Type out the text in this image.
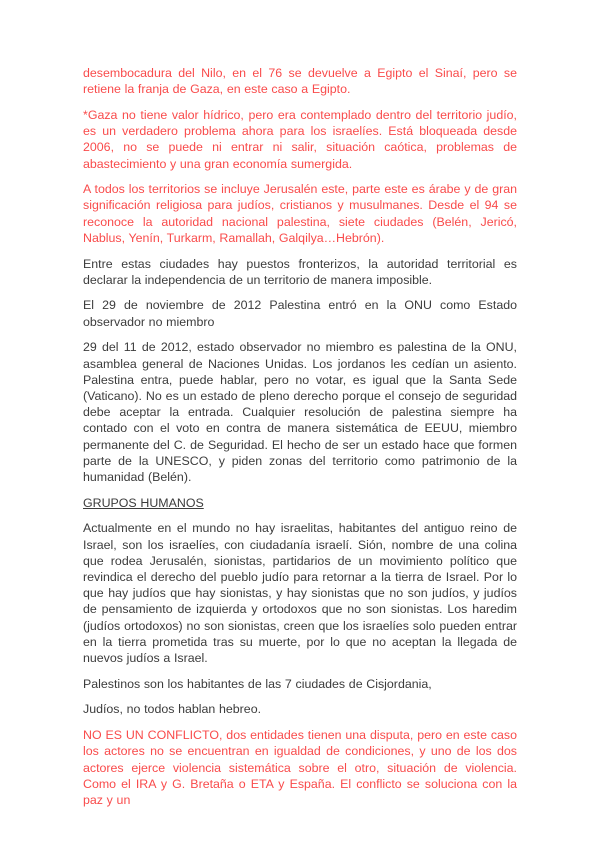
desembocadura del Nilo, en el 76 se devuelve a Egipto el Sinaí, pero se retiene la franja de Gaza, en este caso a Egipto.

*Gaza no tiene valor hídrico, pero era contemplado dentro del territorio judío, es un verdadero problema ahora para los israelíes. Está bloqueada desde 2006, no se puede ni entrar ni salir, situación caótica, problemas de abastecimiento y una gran economía sumergida.

A todos los territorios se incluye Jerusalén este, parte este es árabe y de gran significación religiosa para judíos, cristianos y musulmanes. Desde el 94 se reconoce la autoridad nacional palestina, siete ciudades (Belén, Jericó, Nablus, Yenín, Turkarm, Ramallah, Galqilya…Hebrón).

Entre estas ciudades hay puestos fronterizos, la autoridad territorial es declarar la independencia de un territorio de manera imposible.

El 29 de noviembre de 2012 Palestina entró en la ONU como Estado observador no miembro

29 del 11 de 2012, estado observador no miembro es palestina de la ONU, asamblea general de Naciones Unidas. Los jordanos les cedían un asiento. Palestina entra, puede hablar, pero no votar, es igual que la Santa Sede (Vaticano). No es un estado de pleno derecho porque el consejo de seguridad debe aceptar la entrada. Cualquier resolución de palestina siempre ha contado con el voto en contra de manera sistemática de EEUU, miembro permanente del C. de Seguridad. El hecho de ser un estado hace que formen parte de la UNESCO, y piden zonas del territorio como patrimonio de la humanidad (Belén).

GRUPOS HUMANOS

Actualmente en el mundo no hay israelitas, habitantes del antiguo reino de Israel, son los israelíes, con ciudadanía israelí. Sión, nombre de una colina que rodea Jerusalén, sionistas, partidarios de un movimiento político que revindica el derecho del pueblo judío para retornar a la tierra de Israel. Por lo que hay judíos que hay sionistas, y hay sionistas que no son judíos, y judíos de pensamiento de izquierda y ortodoxos que no son sionistas. Los haredim (judíos ortodoxos) no son sionistas, creen que los israelíes solo pueden entrar en la tierra prometida tras su muerte, por lo que no aceptan la llegada de nuevos judíos a Israel.

Palestinos son los habitantes de las 7 ciudades de Cisjordania,

Judíos, no todos hablan hebreo.

NO ES UN CONFLICTO, dos entidades tienen una disputa, pero en este caso los actores no se encuentran en igualdad de condiciones, y uno de los dos actores ejerce violencia sistemática sobre el otro, situación de violencia. Como el IRA y G. Bretaña o ETA y España. El conflicto se soluciona con la paz y un
